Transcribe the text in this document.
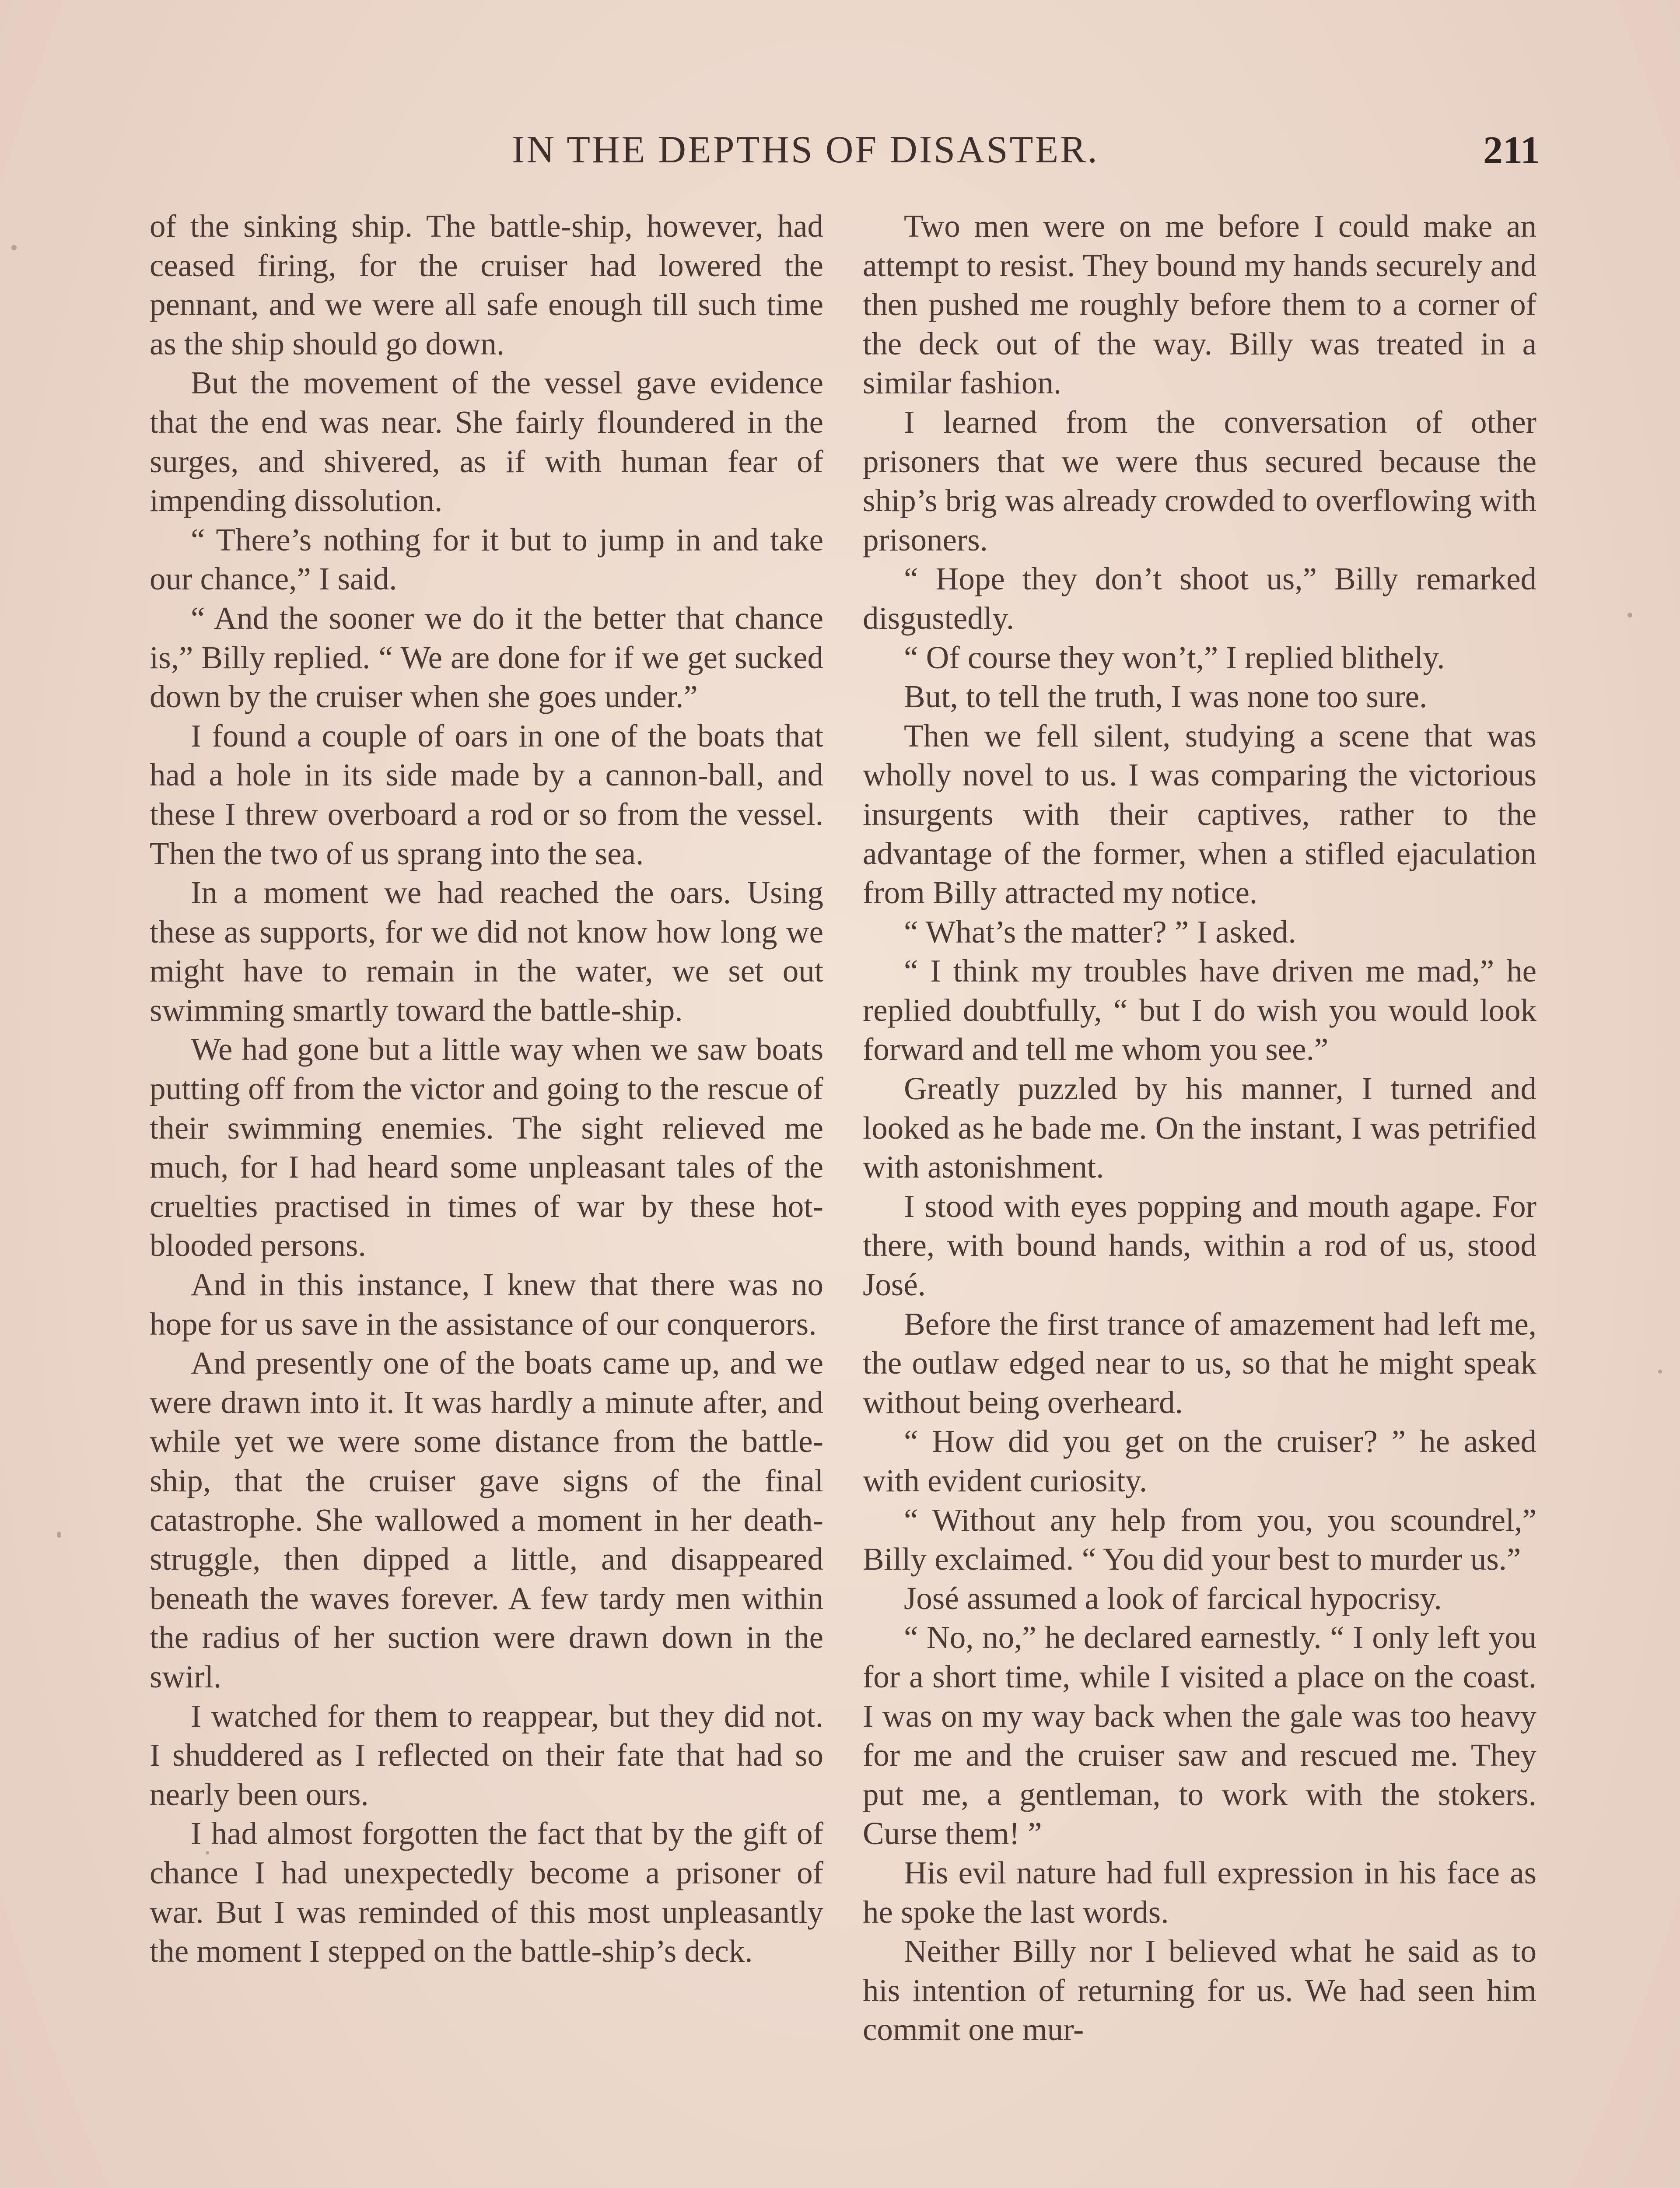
IN THE DEPTHS OF DISASTER.	211

of the sinking ship. The battle-ship, however, had ceased firing, for the cruiser had lowered the pennant, and we were all safe enough till such time as the ship should go down.

But the movement of the vessel gave evidence that the end was near. She fairly floundered in the surges, and shivered, as if with human fear of impending dissolution.

“ There’s nothing for it but to jump in and take our chance,” I said.

“ And the sooner we do it the better that chance is,” Billy replied. “ We are done for if we get sucked down by the cruiser when she goes under.”

I found a couple of oars in one of the boats that had a hole in its side made by a cannon-ball, and these I threw overboard a rod or so from the vessel. Then the two of us sprang into the sea.

In a moment we had reached the oars. Using these as supports, for we did not know how long we might have to remain in the water, we set out swimming smartly toward the battle-ship.

We had gone but a little way when we saw boats putting off from the victor and going to the rescue of their swimming enemies. The sight relieved me much, for I had heard some unpleasant tales of the cruelties practised in times of war by these hot-blooded persons.

And in this instance, I knew that there was no hope for us save in the assistance of our conquerors.

And presently one of the boats came up, and we were drawn into it. It was hardly a minute after, and while yet we were some distance from the battle-ship, that the cruiser gave signs of the final catastrophe. She wallowed a moment in her death-struggle, then dipped a little, and disappeared beneath the waves forever. A few tardy men within the radius of her suction were drawn down in the swirl.

I watched for them to reappear, but they did not. I shuddered as I reflected on their fate that had so nearly been ours.

I had almost forgotten the fact that by the gift of chance I had unexpectedly become a prisoner of war. But I was reminded of this most unpleasantly the moment I stepped on the battle-ship’s deck.

Two men were on me before I could make an attempt to resist. They bound my hands securely and then pushed me roughly before them to a corner of the deck out of the way. Billy was treated in a similar fashion.

I learned from the conversation of other prisoners that we were thus secured because the ship’s brig was already crowded to overflowing with prisoners.

“ Hope they don’t shoot us,” Billy remarked disgustedly.

“ Of course they won’t,” I replied blithely.

But, to tell the truth, I was none too sure.

Then we fell silent, studying a scene that was wholly novel to us. I was comparing the victorious insurgents with their captives, rather to the advantage of the former, when a stifled ejaculation from Billy attracted my notice.

“ What’s the matter? ” I asked.

“ I think my troubles have driven me mad,” he replied doubtfully, “ but I do wish you would look forward and tell me whom you see.”

Greatly puzzled by his manner, I turned and looked as he bade me. On the instant, I was petrified with astonishment.

I stood with eyes popping and mouth agape. For there, with bound hands, within a rod of us, stood José.

Before the first trance of amazement had left me, the outlaw edged near to us, so that he might speak without being overheard.

“ How did you get on the cruiser? ” he asked with evident curiosity.

“ Without any help from you, you scoundrel,” Billy exclaimed. “ You did your best to murder us.”

José assumed a look of farcical hypocrisy.

“ No, no,” he declared earnestly. “ I only left you for a short time, while I visited a place on the coast. I was on my way back when the gale was too heavy for me and the cruiser saw and rescued me. They put me, a gentleman, to work with the stokers. Curse them! ”

His evil nature had full expression in his face as he spoke the last words.

Neither Billy nor I believed what he said as to his intention of returning for us. We had seen him commit one mur-
